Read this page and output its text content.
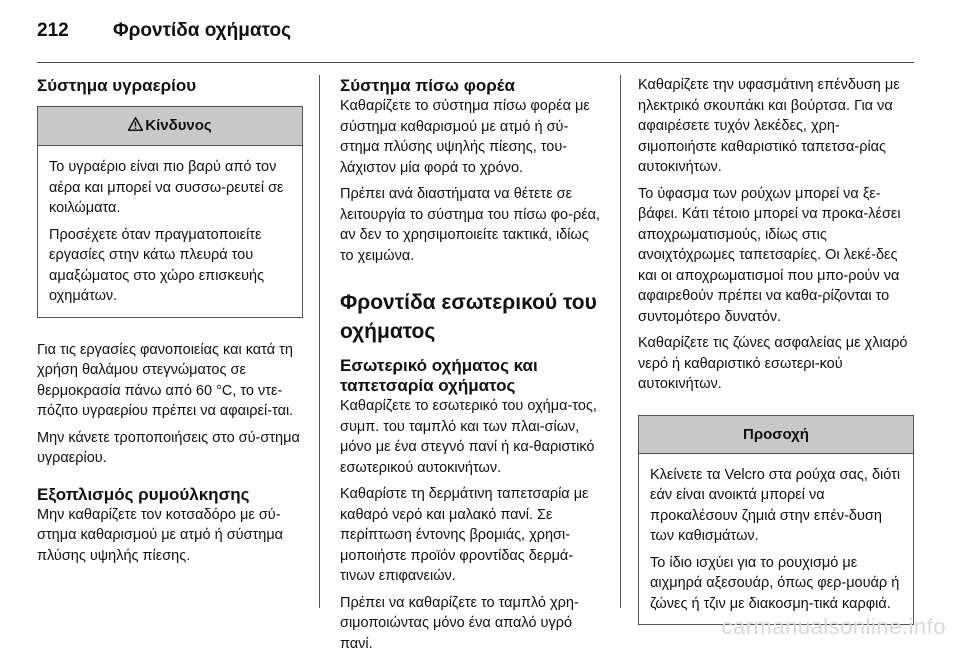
212 Φροντίδα οχήματος
Σύστημα υγραερίου
Κίνδυνος

Το υγραέριο είναι πιο βαρύ από τον αέρα και μπορεί να συσσω-ρευτεί σε κοιλώματα.

Προσέχετε όταν πραγματοποιείτε εργασίες στην κάτω πλευρά του αμαξώματος στο χώρο επισκευής οχημάτων.

Για τις εργασίες φανοποιείας και κατά τη χρήση θαλάμου στεγνώματος σε θερμοκρασία πάνω από 60 °C, το ντε-πόζιτο υγραερίου πρέπει να αφαιρεί-ται.

Μην κάνετε τροποποιήσεις στο σύ-στημα υγραερίου.

Εξοπλισμός ρυμούλκησης

Μην καθαρίζετε τον κοτσαδόρο με σύ-στημα καθαρισμού με ατμό ή σύστημα πλύσης υψηλής πίεσης.

Σύστημα πίσω φορέα

Καθαρίζετε το σύστημα πίσω φορέα με σύστημα καθαρισμού με ατμό ή σύ-στημα πλύσης υψηλής πίεσης, του-λάχιστον μία φορά το χρόνο.

Πρέπει ανά διαστήματα να θέτετε σε λειτουργία το σύστημα του πίσω φο-ρέα, αν δεν το χρησιμοποιείτε τακτικά, ιδίως το χειμώνα.

Φροντίδα εσωτερικού του οχήματος
Εσωτερικό οχήματος και ταπετσαρία οχήματος

Καθαρίζετε το εσωτερικό του οχήμα-τος, συμπ. του ταμπλό και των πλαι-σίων, μόνο με ένα στεγνό πανί ή κα-θαριστικό εσωτερικού αυτοκινήτων.

Καθαρίστε τη δερμάτινη ταπετσαρία με καθαρό νερό και μαλακό πανί. Σε περίπτωση έντονης βρομιάς, χρησι-μοποιήστε προϊόν φροντίδας δερμά-τινων επιφανειών.

Πρέπει να καθαρίζετε το ταμπλό χρη-σιμοποιώντας μόνο ένα απαλό υγρό πανί.

Καθαρίζετε την υφασμάτινη επένδυση με ηλεκτρικό σκουπάκι και βούρτσα. Για να αφαιρέσετε τυχόν λεκέδες, χρη-σιμοποιήστε καθαριστικό ταπετσα-ρίας αυτοκινήτων.

Το ύφασμα των ρούχων μπορεί να ξε-βάφει. Κάτι τέτοιο μπορεί να προκα-λέσει αποχρωματισμούς, ιδίως στις ανοιχτόχρωμες ταπετσαρίες. Οι λεκέ-δες και οι αποχρωματισμοί που μπο-ρούν να αφαιρεθούν πρέπει να καθα-ρίζονται το συντομότερο δυνατόν.

Καθαρίζετε τις ζώνες ασφαλείας με χλιαρό νερό ή καθαριστικό εσωτερι-κού αυτοκινήτων.

Προσοχή

Κλείνετε τα Velcro στα ρούχα σας, διότι εάν είναι ανοικτά μπορεί να προκαλέσουν ζημιά στην επέν-δυση των καθισμάτων.

Το ίδιο ισχύει για το ρουχισμό με αιχμηρά αξεσουάρ, όπως φερ-μουάρ ή ζώνες ή τζιν με διακοσμη-τικά καρφιά.

carmanualsonline.info
